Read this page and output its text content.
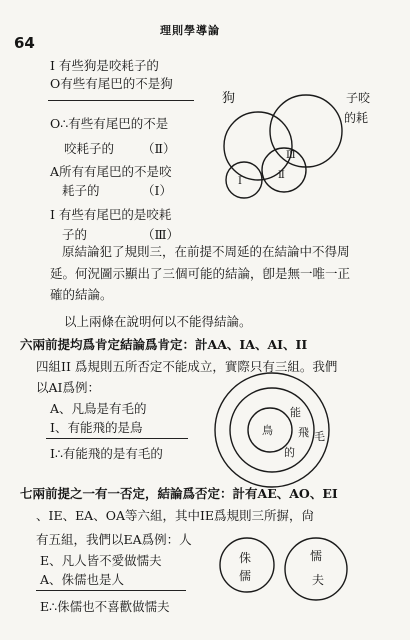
64
理則學導論
I 有些狗是咬耗子的
O有些有尾巴的不是狗
O∴有些有尾巴的不是
咬耗子的 （Ⅱ）
A所有有尾巴的不是咬
耗子的	（Ⅰ）
I 有些有尾巴的是咬耗
子的	（Ⅲ）
狗	子咬
的耗
Ⅲ
Ⅰ
Ⅱ
鳥
能
飛
的
毛
侏
儒
懦
夫
原結論犯了規則三，在前提不周延的在結論中不得周
延。何況圖示顯出了三個可能的結論，卽是無一唯一正
確的結論。
以上兩條在說明何以不能得結論。
六兩前提均爲肯定結論爲肯定：計AA、IA、AI、II
四組II 爲規則五所否定不能成立，實際只有三組。我們
以AI爲例：
A、凡鳥是有毛的
I、有能飛的是鳥
I∴有能飛的是有毛的
七兩前提之一有一否定，結論爲否定：計有AE、AO、EI
、IE、EA、OA等六組，其中IE爲規則三所摒，尙
有五組，我們以EA爲例：人
E、凡人皆不愛做懦夫
A、侏儒也是人
E∴侏儒也不喜歡做懦夫
